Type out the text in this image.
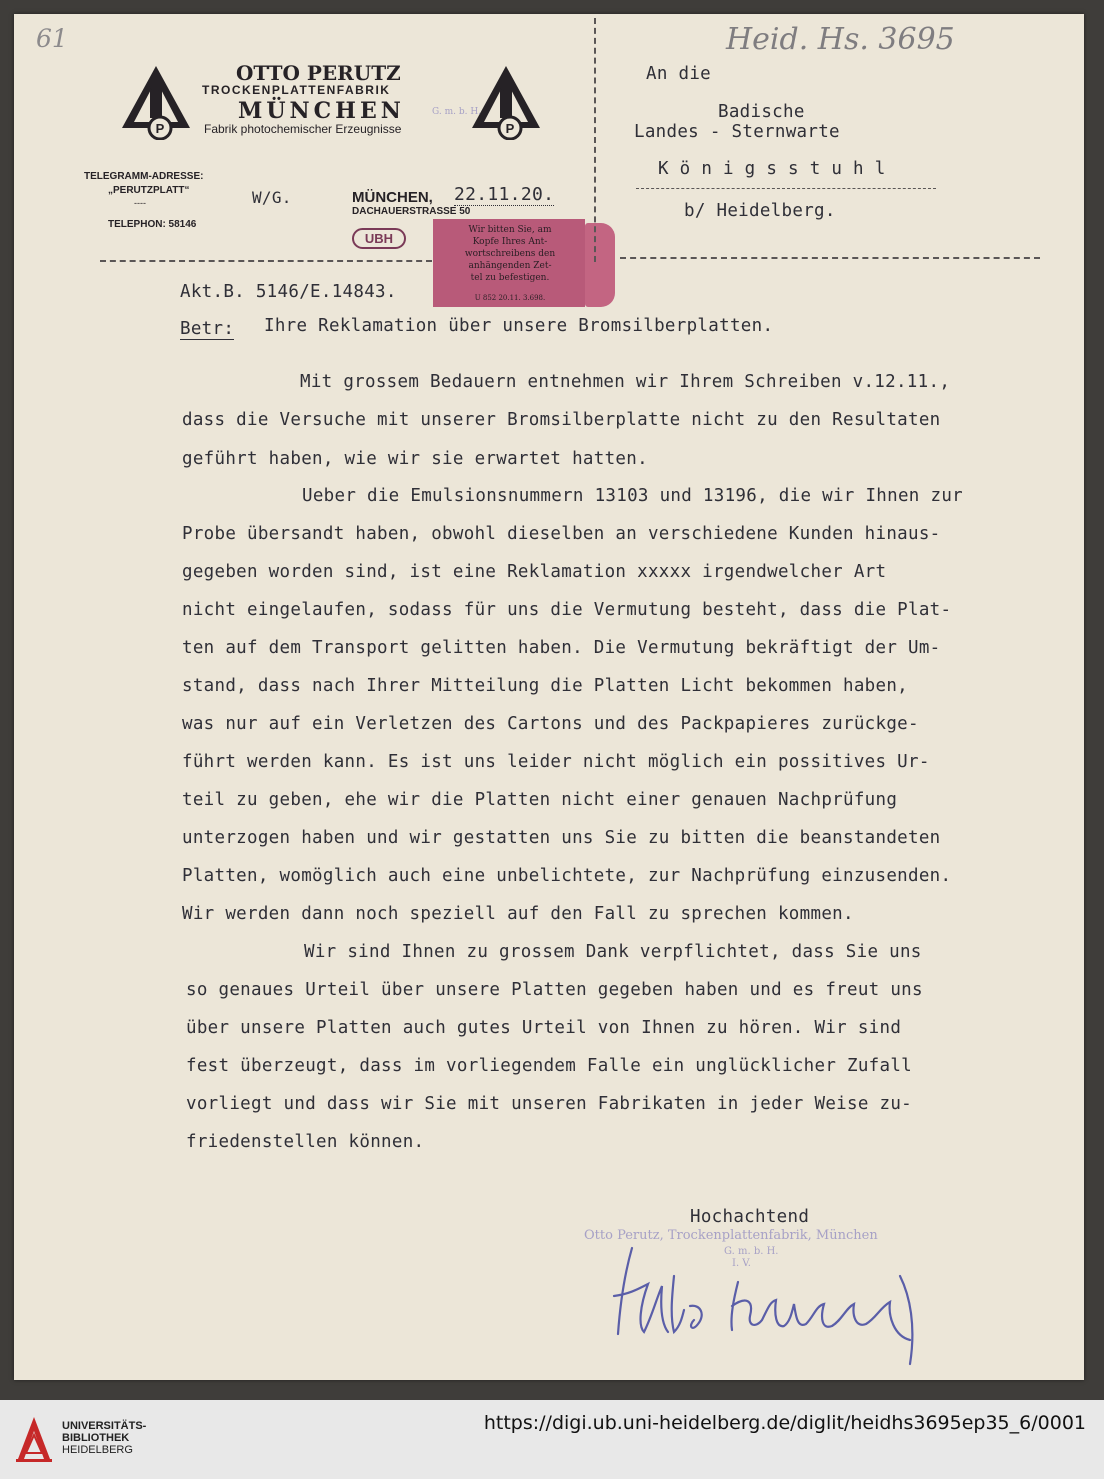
61	Heid. Hs. 3695
P	P
OTTO PERUTZ
TROCKENPLATTENFABRIK
MÜNCHEN	G. m. b. H.
Fabrik photochemischer Erzeugnisse
TELEGRAMM-ADRESSE:
„PERUTZPLATT“
----
TELEPHON: 58146
W/G.	MÜNCHEN, 22.11.20.
DACHAUERSTRASSE 50
UBH
Wir bitten Sie, am
Kopfe Ihres Ant-
wortschreibens den
anhängenden Zet-
tel zu befestigen.
U 852 20.11. 3.698.
An die
Badische
Landes - Sternwarte
K ö n i g s s t u h l
b/ Heidelberg.
Akt.B. 5146/E.14843.
Betr: Ihre Reklamation über unsere Bromsilberplatten.
Mit grossem Bedauern entnehmen wir Ihrem Schreiben v.12.11.,
dass die Versuche mit unserer Bromsilberplatte nicht zu den Resultaten
geführt haben, wie wir sie erwartet hatten.
Ueber die Emulsionsnummern 13103 und 13196, die wir Ihnen zur
Probe übersandt haben, obwohl dieselben an verschiedene Kunden hinaus-
gegeben worden sind, ist eine Reklamation xxxxx irgendwelcher Art
nicht eingelaufen, sodass für uns die Vermutung besteht, dass die Plat-
ten auf dem Transport gelitten haben. Die Vermutung bekräftigt der Um-
stand, dass nach Ihrer Mitteilung die Platten Licht bekommen haben,
was nur auf ein Verletzen des Cartons und des Packpapieres zurückge-
führt werden kann. Es ist uns leider nicht möglich ein possitives Ur-
teil zu geben, ehe wir die Platten nicht einer genauen Nachprüfung
unterzogen haben und wir gestatten uns Sie zu bitten die beanstandeten
Platten, womöglich auch eine unbelichtete, zur Nachprüfung einzusenden.
Wir werden dann noch speziell auf den Fall zu sprechen kommen.
Wir sind Ihnen zu grossem Dank verpflichtet, dass Sie uns
so genaues Urteil über unsere Platten gegeben haben und es freut uns
über unsere Platten auch gutes Urteil von Ihnen zu hören. Wir sind
fest überzeugt, dass im vorliegendem Falle ein unglücklicher Zufall
vorliegt und dass wir Sie mit unseren Fabrikaten in jeder Weise zu-
friedenstellen können.
Hochachtend
Otto Perutz, Trockenplattenfabrik, München
G. m. b. H.
I. V.
UNIVERSITÄTS-
BIBLIOTHEK
HEIDELBERG
https://digi.ub.uni-heidelberg.de/diglit/heidhs3695ep35_6/0001
